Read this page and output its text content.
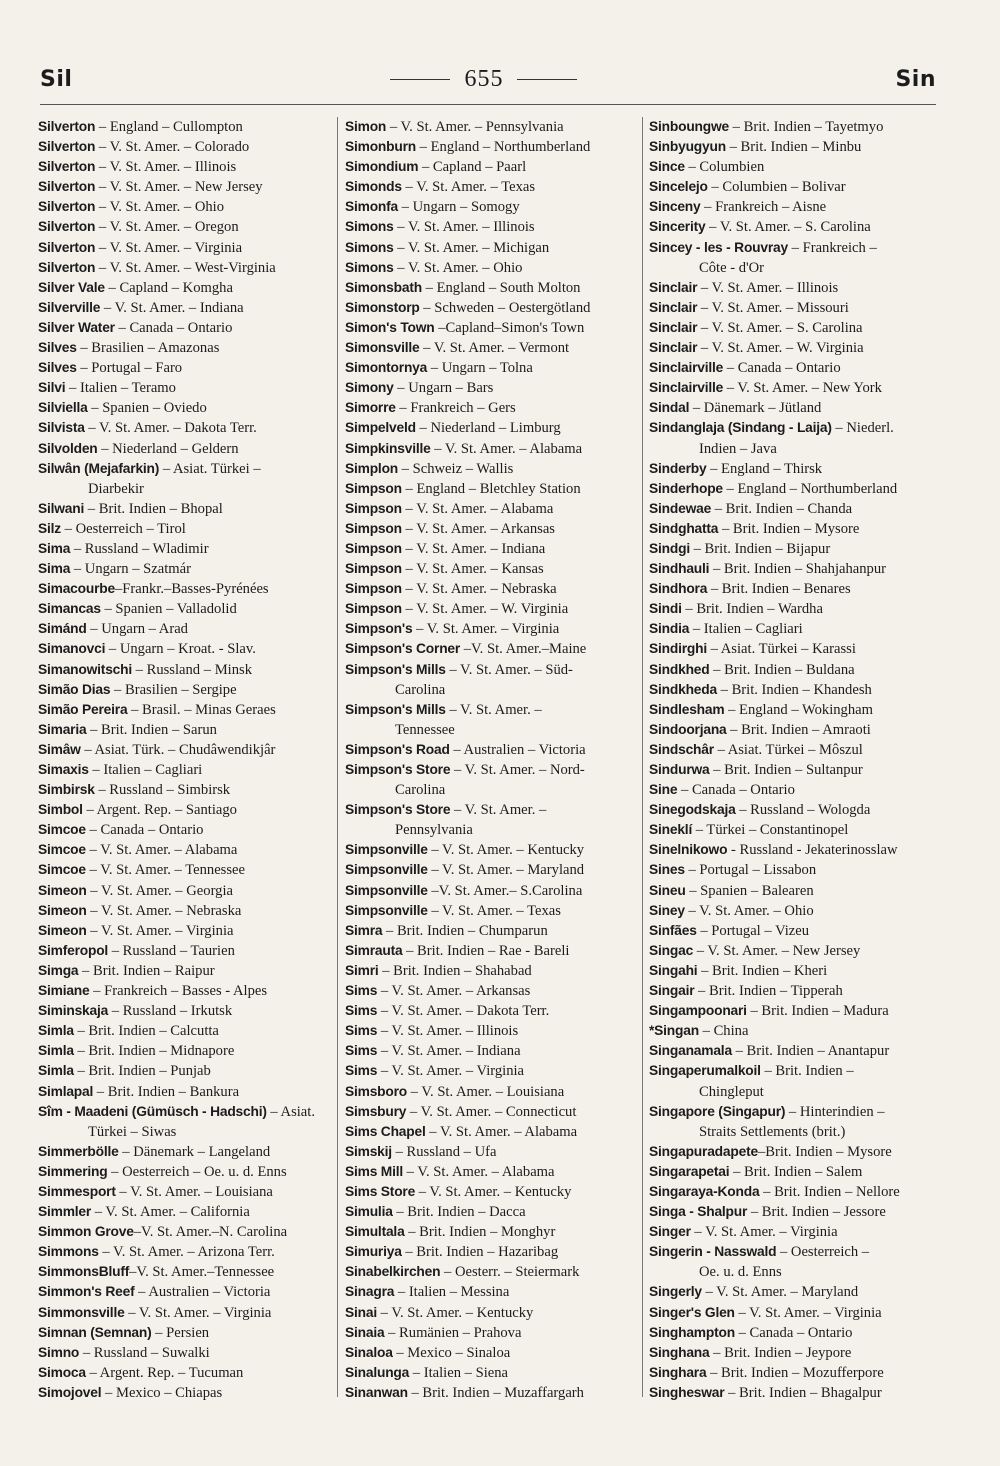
Sil	655	Sin
Silverton – England – Cullompton
Silverton – V. St. Amer. – Colorado
Silverton – V. St. Amer. – Illinois
Silverton – V. St. Amer. – New Jersey
Silverton – V. St. Amer. – Ohio
Silverton – V. St. Amer. – Oregon
Silverton – V. St. Amer. – Virginia
Silverton – V. St. Amer. – West-Virginia
Silver Vale – Capland – Komgha
Silverville – V. St. Amer. – Indiana
Silver Water – Canada – Ontario
Silves – Brasilien – Amazonas
Silves – Portugal – Faro
Silvi – Italien – Teramo
Silviella – Spanien – Oviedo
Silvista – V. St. Amer. – Dakota Terr.
Silvolden – Niederland – Geldern
Silwân (Mejafarkin) – Asiat. Türkei –
Diarbekir
Silwani – Brit. Indien – Bhopal
Silz – Oesterreich – Tirol
Sima – Russland – Wladimir
Sima – Ungarn – Szatmár
Simacourbe–Frankr.–Basses-Pyrénées
Simancas – Spanien – Valladolid
Simánd – Ungarn – Arad
Simanovci – Ungarn – Kroat. - Slav.
Simanowitschi – Russland – Minsk
Simão Dias – Brasilien – Sergipe
Simão Pereira – Brasil. – Minas Geraes
Simaria – Brit. Indien – Sarun
Simâw – Asiat. Türk. – Chudâwendikjâr
Simaxis – Italien – Cagliari
Simbirsk – Russland – Simbirsk
Simbol – Argent. Rep. – Santiago
Simcoe – Canada – Ontario
Simcoe – V. St. Amer. – Alabama
Simcoe – V. St. Amer. – Tennessee
Simeon – V. St. Amer. – Georgia
Simeon – V. St. Amer. – Nebraska
Simeon – V. St. Amer. – Virginia
Simferopol – Russland – Taurien
Simga – Brit. Indien – Raipur
Simiane – Frankreich – Basses - Alpes
Siminskaja – Russland – Irkutsk
Simla – Brit. Indien – Calcutta
Simla – Brit. Indien – Midnapore
Simla – Brit. Indien – Punjab
Simlapal – Brit. Indien – Bankura
Sîm - Maadeni (Gümüsch - Hadschi) – Asiat.
Türkei – Siwas
Simmerbölle – Dänemark – Langeland
Simmering – Oesterreich – Oe. u. d. Enns
Simmesport – V. St. Amer. – Louisiana
Simmler – V. St. Amer. – California
Simmon Grove–V. St. Amer.–N. Carolina
Simmons – V. St. Amer. – Arizona Terr.
SimmonsBluff–V. St. Amer.–Tennessee
Simmon's Reef – Australien – Victoria
Simmonsville – V. St. Amer. – Virginia
Simnan (Semnan) – Persien
Simno – Russland – Suwalki
Simoca – Argent. Rep. – Tucuman
Simojovel – Mexico – Chiapas
Simon – V. St. Amer. – Pennsylvania
Simonburn – England – Northumberland
Simondium – Capland – Paarl
Simonds – V. St. Amer. – Texas
Simonfa – Ungarn – Somogy
Simons – V. St. Amer. – Illinois
Simons – V. St. Amer. – Michigan
Simons – V. St. Amer. – Ohio
Simonsbath – England – South Molton
Simonstorp – Schweden – Oestergötland
Simon's Town –Capland–Simon's Town
Simonsville – V. St. Amer. – Vermont
Simontornya – Ungarn – Tolna
Simony – Ungarn – Bars
Simorre – Frankreich – Gers
Simpelveld – Niederland – Limburg
Simpkinsville – V. St. Amer. – Alabama
Simplon – Schweiz – Wallis
Simpson – England – Bletchley Station
Simpson – V. St. Amer. – Alabama
Simpson – V. St. Amer. – Arkansas
Simpson – V. St. Amer. – Indiana
Simpson – V. St. Amer. – Kansas
Simpson – V. St. Amer. – Nebraska
Simpson – V. St. Amer. – W. Virginia
Simpson's – V. St. Amer. – Virginia
Simpson's Corner –V. St. Amer.–Maine
Simpson's Mills – V. St. Amer. – Süd-
Carolina
Simpson's Mills – V. St. Amer. –
Tennessee
Simpson's Road – Australien – Victoria
Simpson's Store – V. St. Amer. – Nord-
Carolina
Simpson's Store – V. St. Amer. –
Pennsylvania
Simpsonville – V. St. Amer. – Kentucky
Simpsonville – V. St. Amer. – Maryland
Simpsonville –V. St. Amer.– S.Carolina
Simpsonville – V. St. Amer. – Texas
Simra – Brit. Indien – Chumparun
Simrauta – Brit. Indien – Rae - Bareli
Simri – Brit. Indien – Shahabad
Sims – V. St. Amer. – Arkansas
Sims – V. St. Amer. – Dakota Terr.
Sims – V. St. Amer. – Illinois
Sims – V. St. Amer. – Indiana
Sims – V. St. Amer. – Virginia
Simsboro – V. St. Amer. – Louisiana
Simsbury – V. St. Amer. – Connecticut
Sims Chapel – V. St. Amer. – Alabama
Simskij – Russland – Ufa
Sims Mill – V. St. Amer. – Alabama
Sims Store – V. St. Amer. – Kentucky
Simulia – Brit. Indien – Dacca
Simultala – Brit. Indien – Monghyr
Simuriya – Brit. Indien – Hazaribag
Sinabelkirchen – Oesterr. – Steiermark
Sinagra – Italien – Messina
Sinai – V. St. Amer. – Kentucky
Sinaia – Rumänien – Prahova
Sinaloa – Mexico – Sinaloa
Sinalunga – Italien – Siena
Sinanwan – Brit. Indien – Muzaffargarh
Sinboungwe – Brit. Indien – Tayetmyo
Sinbyugyun – Brit. Indien – Minbu
Since – Columbien
Sincelejo – Columbien – Bolivar
Sinceny – Frankreich – Aisne
Sincerity – V. St. Amer. – S. Carolina
Sincey - les - Rouvray – Frankreich –
Côte - d'Or
Sinclair – V. St. Amer. – Illinois
Sinclair – V. St. Amer. – Missouri
Sinclair – V. St. Amer. – S. Carolina
Sinclair – V. St. Amer. – W. Virginia
Sinclairville – Canada – Ontario
Sinclairville – V. St. Amer. – New York
Sindal – Dänemark – Jütland
Sindanglaja (Sindang - Laija) – Niederl.
Indien – Java
Sinderby – England – Thirsk
Sinderhope – England – Northumberland
Sindewae – Brit. Indien – Chanda
Sindghatta – Brit. Indien – Mysore
Sindgi – Brit. Indien – Bijapur
Sindhauli – Brit. Indien – Shahjahanpur
Sindhora – Brit. Indien – Benares
Sindi – Brit. Indien – Wardha
Sindia – Italien – Cagliari
Sindirghi – Asiat. Türkei – Karassi
Sindkhed – Brit. Indien – Buldana
Sindkheda – Brit. Indien – Khandesh
Sindlesham – England – Wokingham
Sindoorjana – Brit. Indien – Amraoti
Sindschâr – Asiat. Türkei – Môszul
Sindurwa – Brit. Indien – Sultanpur
Sine – Canada – Ontario
Sinegodskaja – Russland – Wologda
Sineklí – Türkei – Constantinopel
Sinelnikowo - Russland - Jekaterinosslaw
Sines – Portugal – Lissabon
Sineu – Spanien – Balearen
Siney – V. St. Amer. – Ohio
Sinfães – Portugal – Vizeu
Singac – V. St. Amer. – New Jersey
Singahi – Brit. Indien – Kheri
Singair – Brit. Indien – Tipperah
Singampoonari – Brit. Indien – Madura
*Singan – China
Singanamala – Brit. Indien – Anantapur
Singaperumalkoil – Brit. Indien –
Chingleput
Singapore (Singapur) – Hinterindien –
Straits Settlements (brit.)
Singapuradapete–Brit. Indien – Mysore
Singarapetai – Brit. Indien – Salem
Singaraya-Konda – Brit. Indien – Nellore
Singa - Shalpur – Brit. Indien – Jessore
Singer – V. St. Amer. – Virginia
Singerin - Nasswald – Oesterreich –
Oe. u. d. Enns
Singerly – V. St. Amer. – Maryland
Singer's Glen – V. St. Amer. – Virginia
Singhampton – Canada – Ontario
Singhana – Brit. Indien – Jeypore
Singhara – Brit. Indien – Mozufferpore
Singheswar – Brit. Indien – Bhagalpur
